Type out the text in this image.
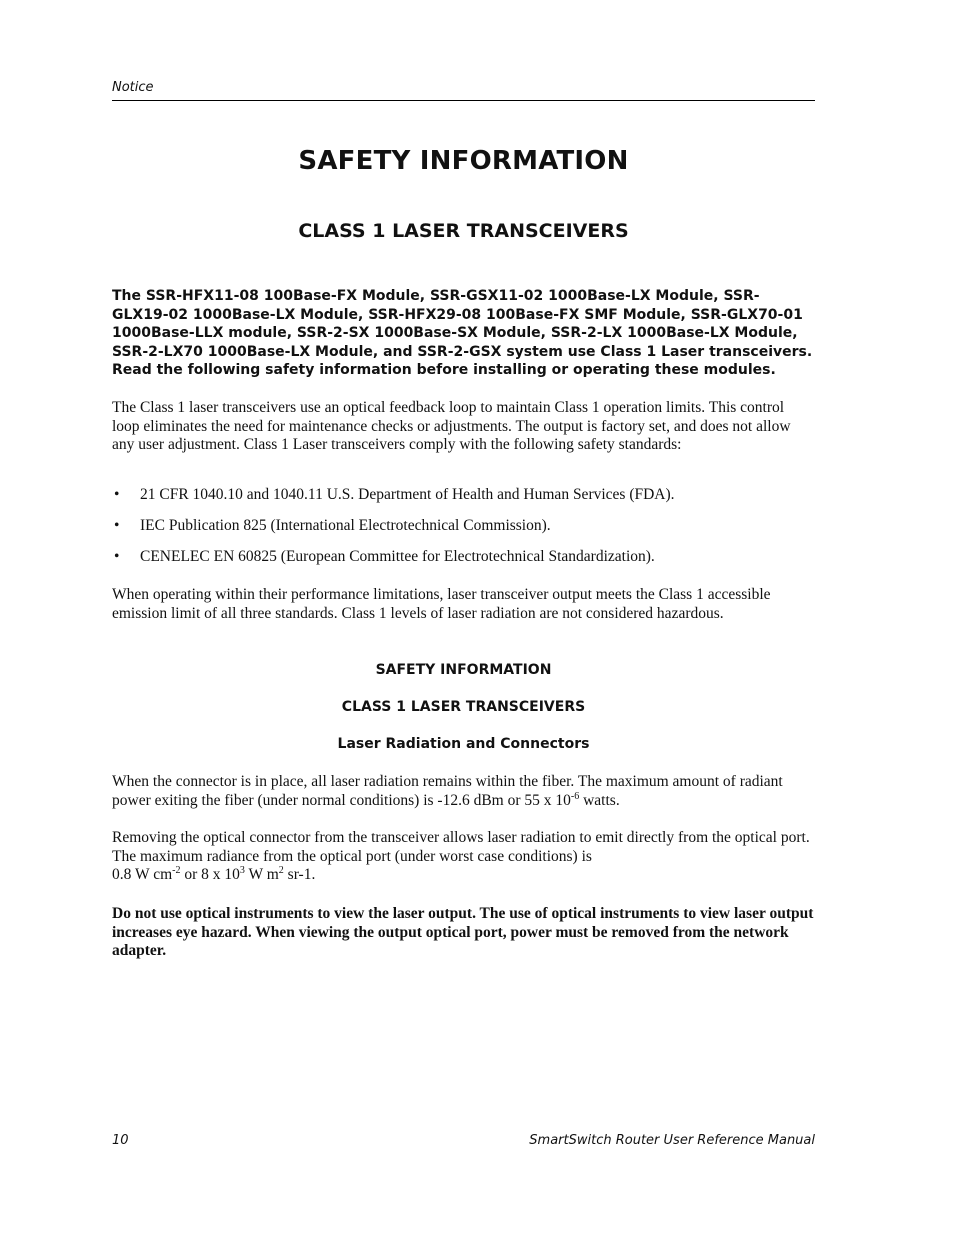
Notice
SAFETY INFORMATION
CLASS 1 LASER TRANSCEIVERS
The SSR-HFX11-08 100Base-FX Module, SSR-GSX11-02 1000Base-LX Module, SSR-GLX19-02 1000Base-LX Module, SSR-HFX29-08 100Base-FX SMF Module, SSR-GLX70-01 1000Base-LLX module, SSR-2-SX 1000Base-SX Module, SSR-2-LX 1000Base-LX Module, SSR-2-LX70 1000Base-LX Module, and SSR-2-GSX system use Class 1 Laser transceivers. Read the following safety information before installing or operating these modules.
The Class 1 laser transceivers use an optical feedback loop to maintain Class 1 operation limits. This control loop eliminates the need for maintenance checks or adjustments. The output is factory set, and does not allow any user adjustment. Class 1 Laser transceivers comply with the following safety standards:
• 21 CFR 1040.10 and 1040.11 U.S. Department of Health and Human Services (FDA).
• IEC Publication 825 (International Electrotechnical Commission).
• CENELEC EN 60825 (European Committee for Electrotechnical Standardization).
When operating within their performance limitations, laser transceiver output meets the Class 1 accessible emission limit of all three standards. Class 1 levels of laser radiation are not considered hazardous.
SAFETY INFORMATION
CLASS 1 LASER TRANSCEIVERS
Laser Radiation and Connectors
When the connector is in place, all laser radiation remains within the fiber. The maximum amount of radiant power exiting the fiber (under normal conditions) is -12.6 dBm or 55 x $10^{-6}$ watts.
Removing the optical connector from the transceiver allows laser radiation to emit directly from the optical port. The maximum radiance from the optical port (under worst case conditions) is
0.8 W $cm^{-2}$ or 8 x $10^3$ W $m^2$ sr-1.
Do not use optical instruments to view the laser output. The use of optical instruments to view laser output increases eye hazard. When viewing the output optical port, power must be removed from the network adapter.
10	SmartSwitch Router User Reference Manual
